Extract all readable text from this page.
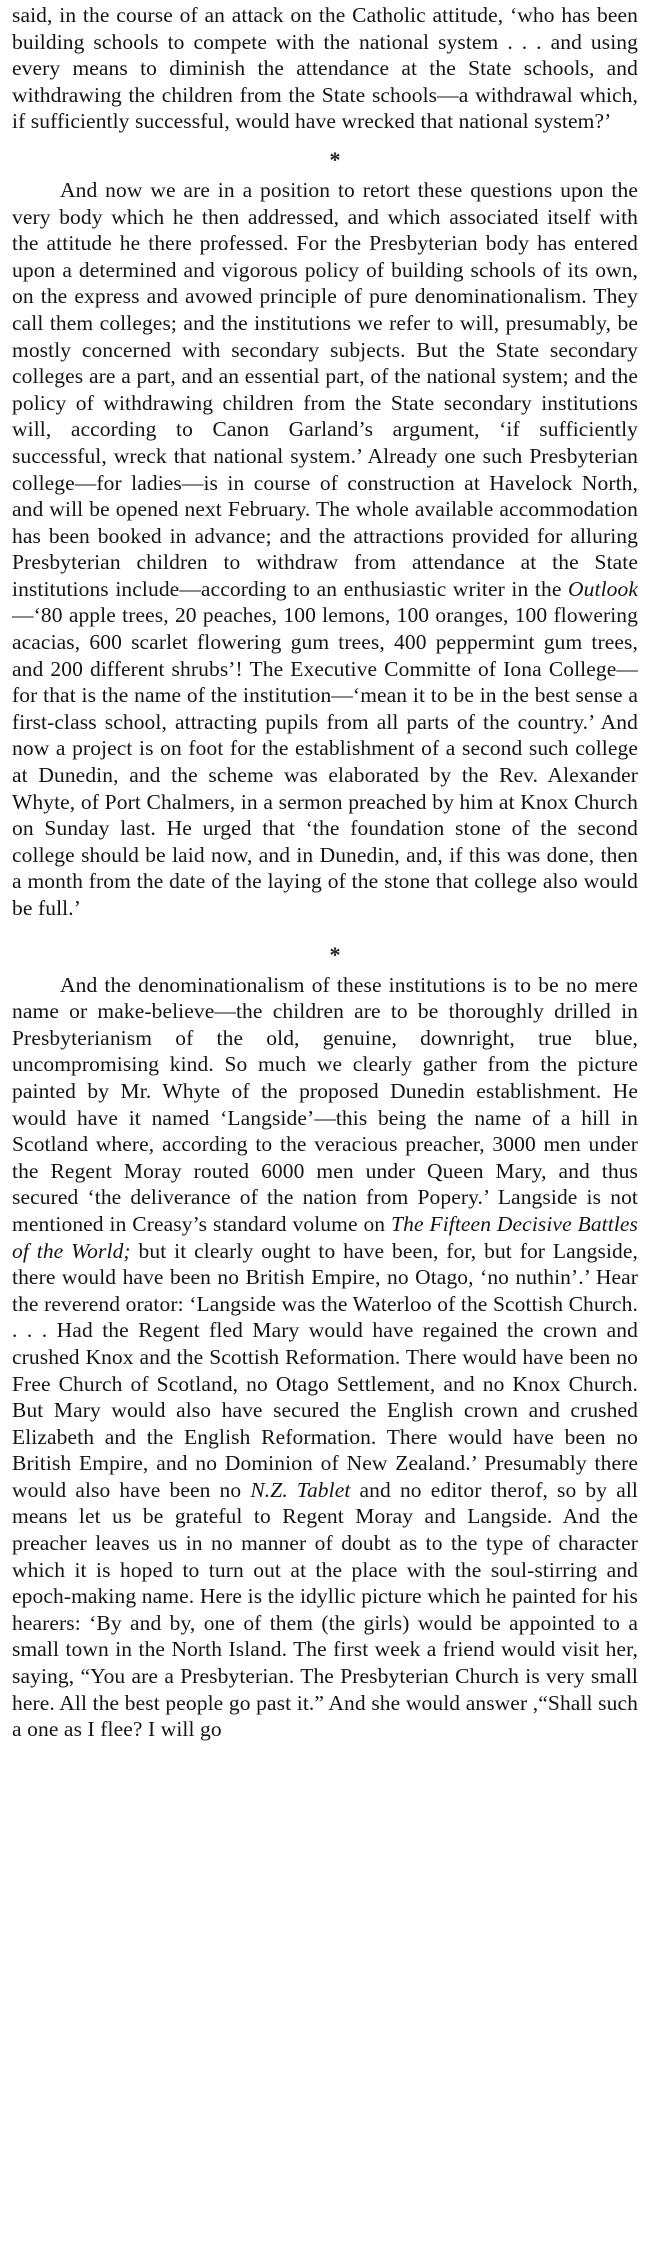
said, in the course of an attack on the Catholic attitude, ‘who has been building schools to compete with the national system . . . and using every means to diminish the attendance at the State schools, and withdrawing the children from the State schools—a withdrawal which, if sufficiently successful, would have wrecked that national system?’

*

And now we are in a position to retort these questions upon the very body which he then addressed, and which associated itself with the attitude he there professed. For the Presbyterian body has entered upon a determined and vigorous policy of building schools of its own, on the express and avowed principle of pure denominationalism. They call them colleges; and the institutions we refer to will, presumably, be mostly concerned with secondary subjects. But the State secondary colleges are a part, and an essential part, of the national system; and the policy of withdrawing children from the State secondary institutions will, according to Canon Garland’s argument, ‘if sufficiently successful, wreck that national system.’ Already one such Presbyterian college—for ladies—is in course of construction at Havelock North, and will be opened next February. The whole available accommodation has been booked in advance; and the attractions provided for alluring Presbyterian children to withdraw from attendance at the State institutions include—according to an enthusiastic writer in the Outlook—‘80 apple trees, 20 peaches, 100 lemons, 100 oranges, 100 flowering acacias, 600 scarlet flowering gum trees, 400 peppermint gum trees, and 200 different shrubs’! The Executive Committe of Iona College—for that is the name of the institution—‘mean it to be in the best sense a first-class school, attracting pupils from all parts of the country.’ And now a project is on foot for the establishment of a second such college at Dunedin, and the scheme was elaborated by the Rev. Alexander Whyte, of Port Chalmers, in a sermon preached by him at Knox Church on Sunday last. He urged that ‘the foundation stone of the second college should be laid now, and in Dunedin, and, if this was done, then a month from the date of the laying of the stone that college also would be full.’

*

And the denominationalism of these institutions is to be no mere name or make-believe—the children are to be thoroughly drilled in Presbyterianism of the old, genuine, downright, true blue, uncompromising kind. So much we clearly gather from the picture painted by Mr. Whyte of the proposed Dunedin establishment. He would have it named ‘Langside’—this being the name of a hill in Scotland where, according to the veracious preacher, 3000 men under the Regent Moray routed 6000 men under Queen Mary, and thus secured ‘the deliverance of the nation from Popery.’ Langside is not mentioned in Creasy’s standard volume on The Fifteen Decisive Battles of the World; but it clearly ought to have been, for, but for Langside, there would have been no British Empire, no Otago, ‘no nuthin’.’ Hear the reverend orator: ‘Langside was the Waterloo of the Scottish Church. . . . Had the Regent fled Mary would have regained the crown and crushed Knox and the Scottish Reformation. There would have been no Free Church of Scotland, no Otago Settlement, and no Knox Church. But Mary would also have secured the English crown and crushed Elizabeth and the English Reformation. There would have been no British Empire, and no Dominion of New Zealand.’ Presumably there would also have been no N.Z. Tablet and no editor therof, so by all means let us be grateful to Regent Moray and Langside. And the preacher leaves us in no manner of doubt as to the type of character which it is hoped to turn out at the place with the soul-stirring and epoch-making name. Here is the idyllic picture which he painted for his hearers: ‘By and by, one of them (the girls) would be appointed to a small town in the North Island. The first week a friend would visit her, saying, “You are a Presbyterian. The Presbyterian Church is very small here. All the best people go past it.” And she would answer ,“Shall such a one as I flee? I will go
